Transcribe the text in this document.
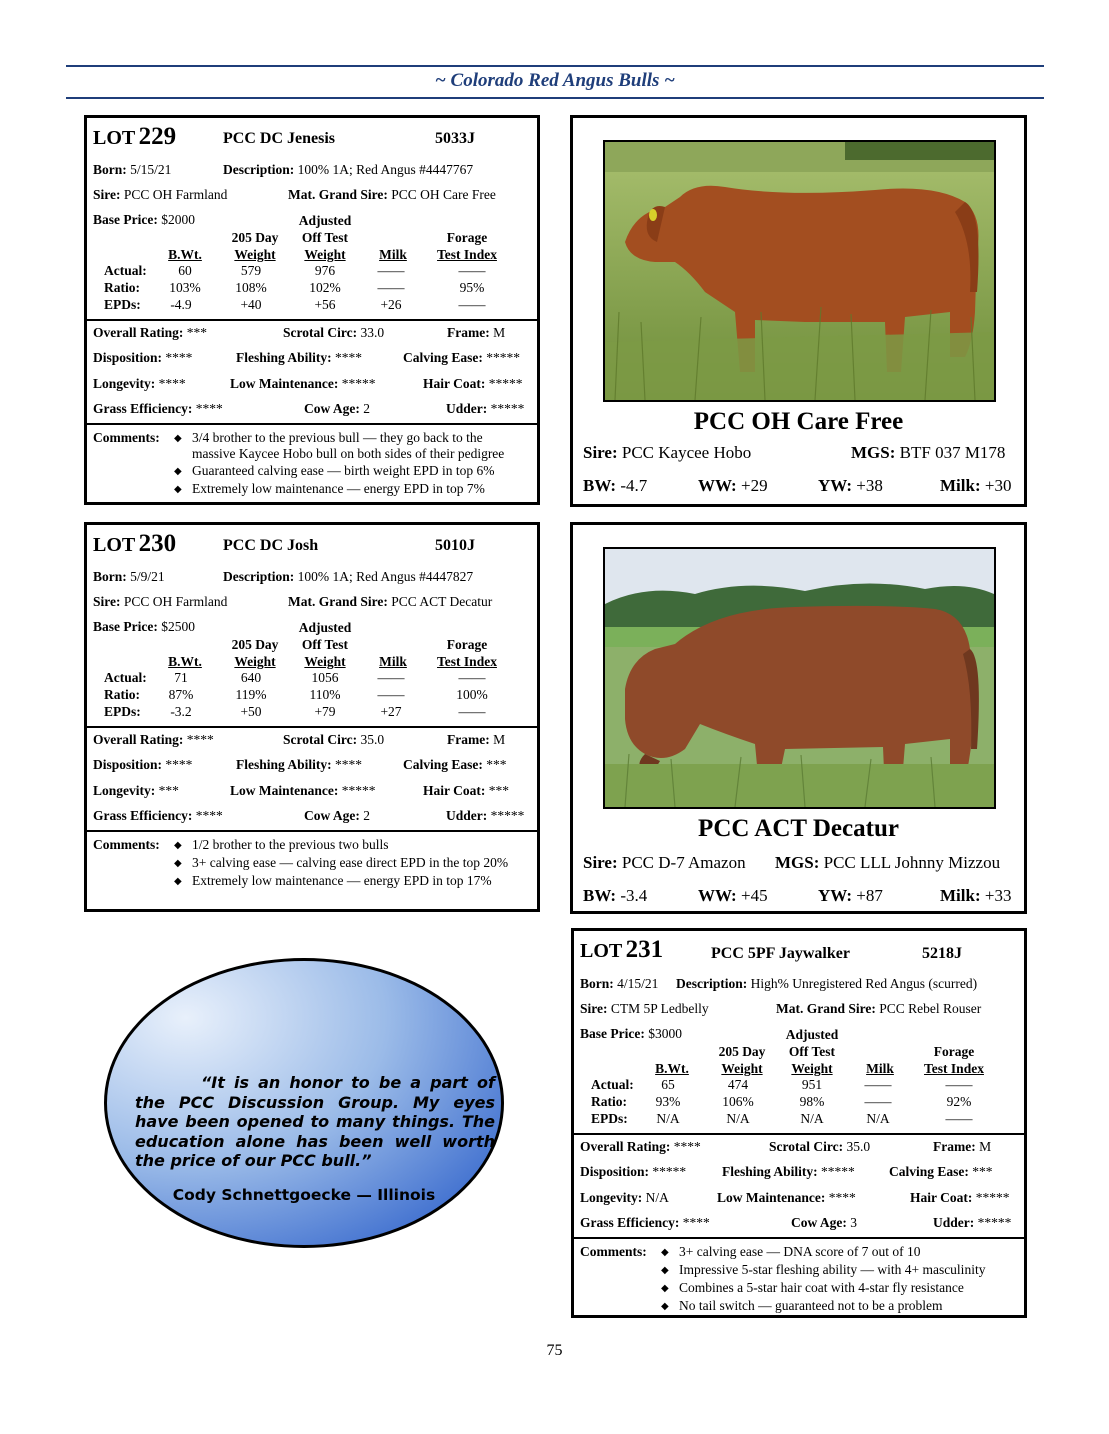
~ Colorado Red Angus Bulls ~
LOT 229	PCC DC Jenesis	5033J
Born: 5/15/21	Description: 100% 1A; Red Angus #4447767
Sire: PCC OH Farmland	Mat. Grand Sire: PCC OH Care Free
Base Price: $2000	Adjusted
205 Day	Off Test	Forage
B.Wt.	Weight	Weight	Milk	Test Index
Actual:	60	579	976	——	——
Ratio:	103%	108%	102%	——	95%
EPDs:	-4.9	+40	+56	+26	——
Overall Rating: ***	Scrotal Circ: 33.0	Frame: M
Disposition: ****	Fleshing Ability: ****	Calving Ease: *****
Longevity: ****	Low Maintenance: *****	Hair Coat: *****
Grass Efficiency: ****	Cow Age: 2	Udder: *****
Comments: ◆ 3/4 brother to the previous bull — they go back to the
massive Kaycee Hobo bull on both sides of their pedigree
◆ Guaranteed calving ease — birth weight EPD in top 6%
◆ Extremely low maintenance — energy EPD in top 7%
PCC OH Care Free
Sire: PCC Kaycee Hobo	MGS: BTF 037 M178
BW: -4.7	WW: +29	YW: +38	Milk: +30
LOT 230	PCC DC Josh	5010J
Born: 5/9/21	Description: 100% 1A; Red Angus #4447827
Sire: PCC OH Farmland	Mat. Grand Sire: PCC ACT Decatur
Base Price: $2500	Adjusted
205 Day	Off Test	Forage
B.Wt.	Weight	Weight	Milk	Test Index
Actual:	71	640	1056	——	——
Ratio:	87%	119%	110%	——	100%
EPDs:	-3.2	+50	+79	+27	——
Overall Rating: ****	Scrotal Circ: 35.0	Frame: M
Disposition: ****	Fleshing Ability: ****	Calving Ease: ***
Longevity: ***	Low Maintenance: *****	Hair Coat: ***
Grass Efficiency: ****	Cow Age: 2	Udder: *****
Comments: ◆ 1/2 brother to the previous two bulls
◆ 3+ calving ease — calving ease direct EPD in the top 20%
◆ Extremely low maintenance — energy EPD in top 17%
PCC ACT Decatur
Sire: PCC D-7 Amazon MGS: PCC LLL Johnny Mizzou
BW: -3.4	WW: +45	YW: +87	Milk: +33
“It is an honor to be a part of the PCC Discussion Group. My eyes have been opened to many things. The education alone has been well worth the price of our PCC bull.”
Cody Schnettgoecke — Illinois
LOT 231	PCC 5PF Jaywalker	5218J
Born: 4/15/21 Description: High% Unregistered Red Angus (scurred)
Sire: CTM 5P Ledbelly	Mat. Grand Sire: PCC Rebel Rouser
Base Price: $3000	Adjusted
205 Day	Off Test	Forage
B.Wt.	Weight	Weight	Milk	Test Index
Actual:	65	474	951	——	——
Ratio:	93%	106%	98%	——	92%
EPDs:	N/A	N/A	N/A	N/A	——
Overall Rating: ****	Scrotal Circ: 35.0	Frame: M
Disposition: *****	Fleshing Ability: *****	Calving Ease: ***
Longevity: N/A	Low Maintenance: ****	Hair Coat: *****
Grass Efficiency: ****	Cow Age: 3	Udder: *****
Comments: ◆ 3+ calving ease — DNA score of 7 out of 10
◆ Impressive 5-star fleshing ability — with 4+ masculinity
◆ Combines a 5-star hair coat with 4-star fly resistance
◆ No tail switch — guaranteed not to be a problem
75
